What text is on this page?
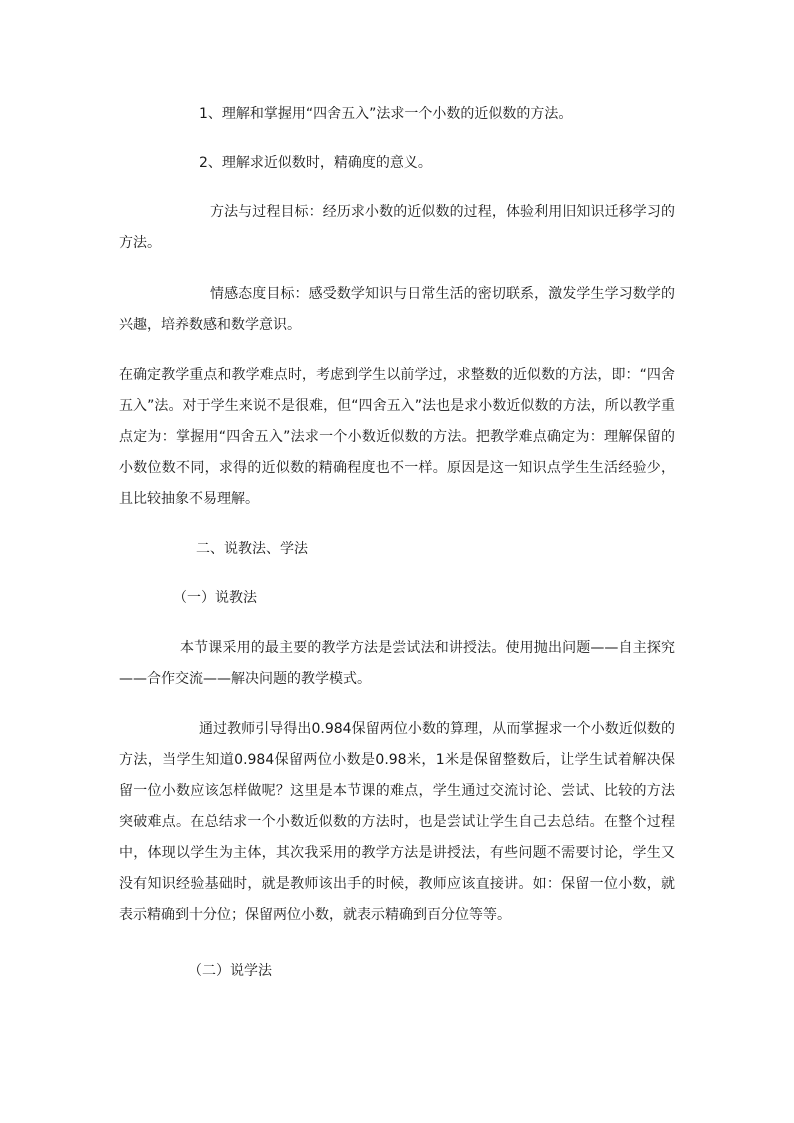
1、理解和掌握用“四舍五入”法求一个小数的近似数的方法。

2、理解求近似数时，精确度的意义。

方法与过程目标：经历求小数的近似数的过程，体验利用旧知识迁移学习的方法。

情感态度目标：感受数学知识与日常生活的密切联系，激发学生学习数学的兴趣，培养数感和数学意识。

在确定教学重点和教学难点时，考虑到学生以前学过，求整数的近似数的方法，即：“四舍五入”法。对于学生来说不是很难，但“四舍五入”法也是求小数近似数的方法，所以教学重点定为：掌握用“四舍五入”法求一个小数近似数的方法。把教学难点确定为：理解保留的小数位数不同，求得的近似数的精确程度也不一样。原因是这一知识点学生生活经验少，且比较抽象不易理解。

二、说教法、学法

（一）说教法

本节课采用的最主要的教学方法是尝试法和讲授法。使用抛出问题——自主探究——合作交流——解决问题的教学模式。

通过教师引导得出0.984保留两位小数的算理，从而掌握求一个小数近似数的方法，当学生知道0.984保留两位小数是0.98米，1米是保留整数后，让学生试着解决保留一位小数应该怎样做呢？这里是本节课的难点，学生通过交流讨论、尝试、比较的方法突破难点。在总结求一个小数近似数的方法时，也是尝试让学生自己去总结。在整个过程中，体现以学生为主体，其次我采用的教学方法是讲授法，有些问题不需要讨论，学生又没有知识经验基础时，就是教师该出手的时候，教师应该直接讲。如：保留一位小数，就表示精确到十分位；保留两位小数，就表示精确到百分位等等。

（二）说学法
